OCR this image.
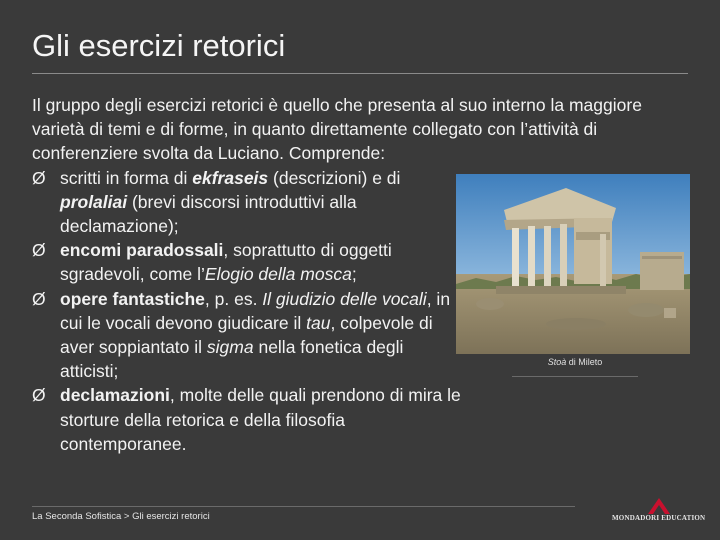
Gli esercizi retorici

Il gruppo degli esercizi retorici è quello che presenta al suo interno la maggiore varietà di temi e di forme, in quanto direttamente collegato con l’attività di conferenziere svolta da Luciano. Comprende:

Ø scritti in forma di ekfraseis (descrizioni) e di prolaliai (brevi discorsi introduttivi alla declamazione);
Ø encomi paradossali, soprattutto di oggetti sgradevoli, come l’Elogio della mosca;
Ø opere fantastiche, p. es. Il giudizio delle vocali, in cui le vocali devono giudicare il tau, colpevole di aver soppiantato il sigma nella fonetica degli atticisti;
Ø declamazioni, molte delle quali prendono di mira le storture della retorica e della filosofia contemporanee.
Stoà di Mileto
La Seconda Sofistica > Gli esercizi retorici	MONDADORI EDUCATION
